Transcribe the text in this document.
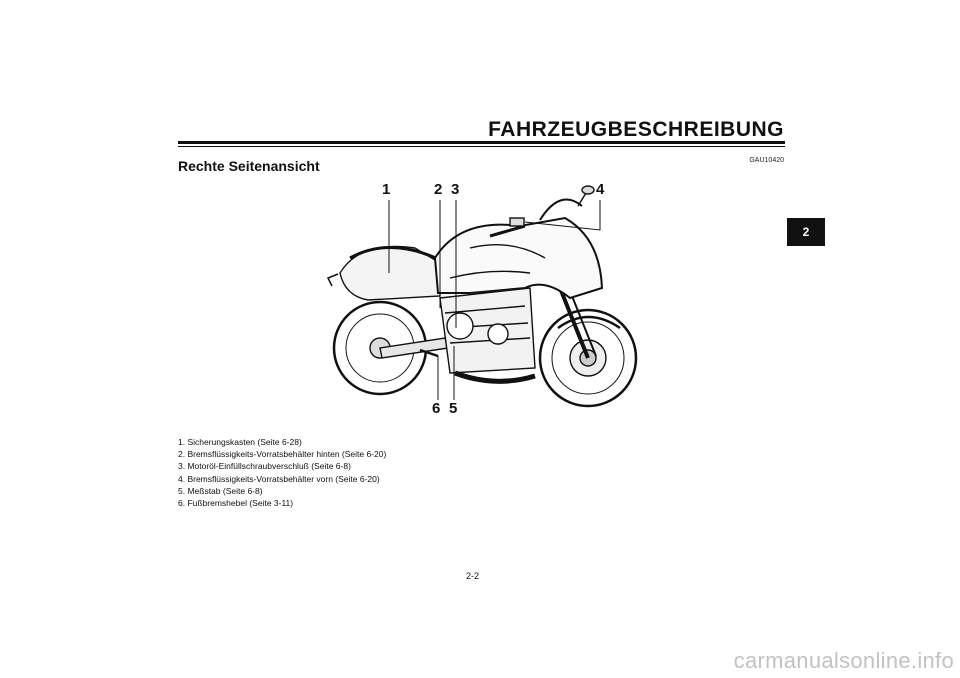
FAHRZEUGBESCHREIBUNG
GAU10420
Rechte Seitenansicht
2
1	2 3	4
6 5
1. Sicherungskasten (Seite 6-28)
2. Bremsflüssigkeits-Vorratsbehälter hinten (Seite 6-20)
3. Motoröl-Einfüllschraubverschluß (Seite 6-8)
4. Bremsflüssigkeits-Vorratsbehälter vorn (Seite 6-20)
5. Meßstab (Seite 6-8)
6. Fußbremshebel (Seite 3-11)
2-2
carmanualsonline.info
